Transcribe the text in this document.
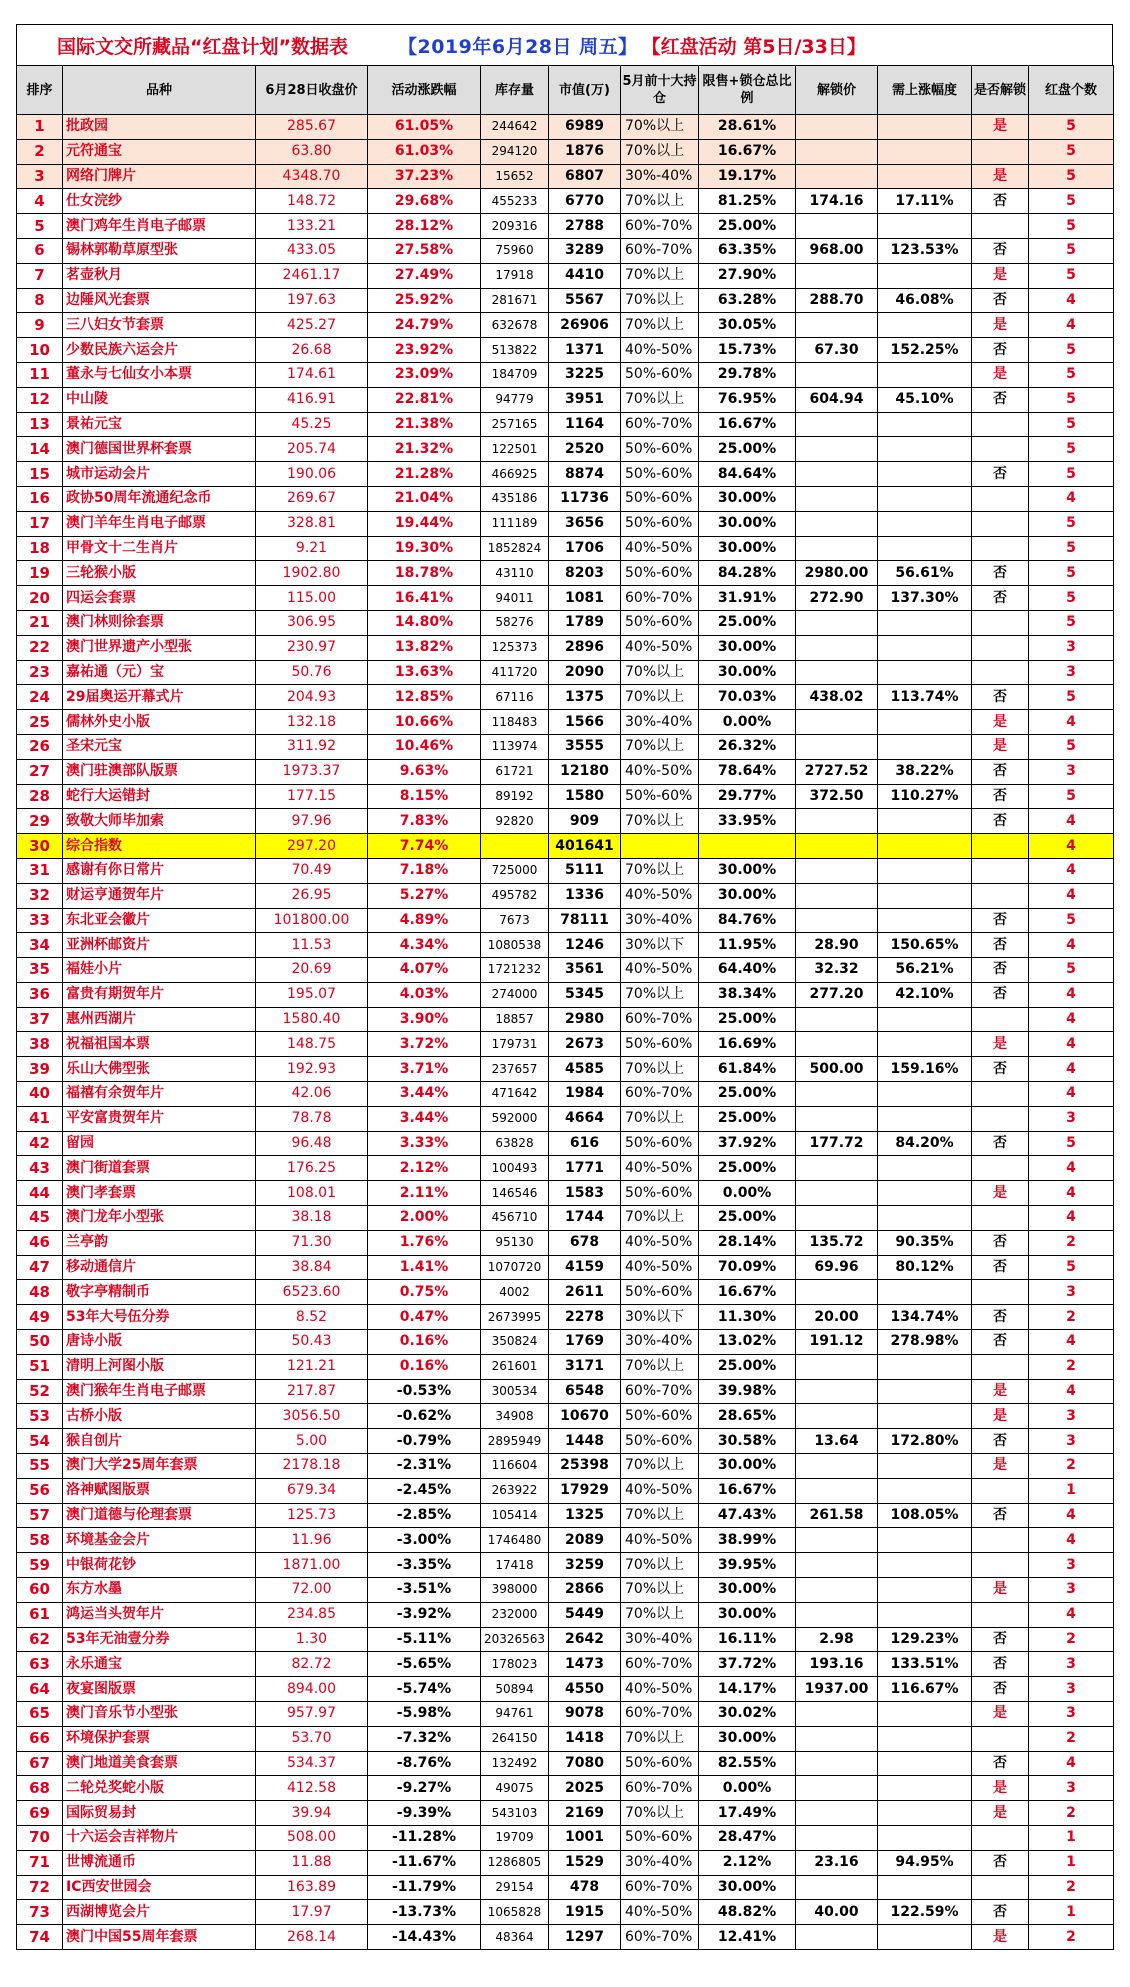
国际文交所藏品“红盘计划”数据表	【2019年6月28日 周五】 【红盘活动 第5日/33日】
排序	品种	6月28日收盘价	活动涨跌幅	库存量	市值(万)	5月前十大持仓	限售+锁仓总比例	解锁价	需上涨幅度	是否解锁	红盘个数
1	批政园	285.67	61.05%	244642	6989	70%以上	28.61%			是	5
2	元符通宝	63.80	61.03%	294120	1876	70%以上	16.67%				5
3	网络门牌片	4348.70	37.23%	15652	6807	30%-40%	19.17%			是	5
4	仕女浣纱	148.72	29.68%	455233	6770	70%以上	81.25%	174.16	17.11%	否	5
5	澳门鸡年生肖电子邮票	133.21	28.12%	209316	2788	60%-70%	25.00%				5
6	锡林郭勒草原型张	433.05	27.58%	75960	3289	60%-70%	63.35%	968.00	123.53%	否	5
7	茗壶秋月	2461.17	27.49%	17918	4410	70%以上	27.90%			是	5
8	边陲风光套票	197.63	25.92%	281671	5567	70%以上	63.28%	288.70	46.08%	否	4
9	三八妇女节套票	425.27	24.79%	632678	26906	70%以上	30.05%			是	4
10	少数民族六运会片	26.68	23.92%	513822	1371	40%-50%	15.73%	67.30	152.25%	否	5
11	董永与七仙女小本票	174.61	23.09%	184709	3225	50%-60%	29.78%			是	5
12	中山陵	416.91	22.81%	94779	3951	70%以上	76.95%	604.94	45.10%	否	5
13	景祐元宝	45.25	21.38%	257165	1164	60%-70%	16.67%				5
14	澳门德国世界杯套票	205.74	21.32%	122501	2520	50%-60%	25.00%				5
15	城市运动会片	190.06	21.28%	466925	8874	50%-60%	84.64%			否	5
16	政协50周年流通纪念币	269.67	21.04%	435186	11736	50%-60%	30.00%				4
17	澳门羊年生肖电子邮票	328.81	19.44%	111189	3656	50%-60%	30.00%				5
18	甲骨文十二生肖片	9.21	19.30%	1852824	1706	40%-50%	30.00%				5
19	三轮猴小版	1902.80	18.78%	43110	8203	50%-60%	84.28%	2980.00	56.61%	否	5
20	四运会套票	115.00	16.41%	94011	1081	60%-70%	31.91%	272.90	137.30%	否	5
21	澳门林则徐套票	306.95	14.80%	58276	1789	50%-60%	25.00%				5
22	澳门世界遗产小型张	230.97	13.82%	125373	2896	40%-50%	30.00%				3
23	嘉祐通（元）宝	50.76	13.63%	411720	2090	70%以上	30.00%				3
24	29届奥运开幕式片	204.93	12.85%	67116	1375	70%以上	70.03%	438.02	113.74%	否	5
25	儒林外史小版	132.18	10.66%	118483	1566	30%-40%	0.00%			是	4
26	圣宋元宝	311.92	10.46%	113974	3555	70%以上	26.32%			是	5
27	澳门驻澳部队版票	1973.37	9.63%	61721	12180	40%-50%	78.64%	2727.52	38.22%	否	3
28	蛇行大运错封	177.15	8.15%	89192	1580	50%-60%	29.77%	372.50	110.27%	否	5
29	致敬大师毕加索	97.96	7.83%	92820	909	70%以上	33.95%			否	4
30	综合指数	297.20	7.74%		401641						4
31	感谢有你日常片	70.49	7.18%	725000	5111	70%以上	30.00%				4
32	财运亨通贺年片	26.95	5.27%	495782	1336	40%-50%	30.00%				4
33	东北亚会徽片	101800.00	4.89%	7673	78111	30%-40%	84.76%			否	5
34	亚洲杯邮资片	11.53	4.34%	1080538	1246	30%以下	11.95%	28.90	150.65%	否	4
35	福娃小片	20.69	4.07%	1721232	3561	40%-50%	64.40%	32.32	56.21%	否	5
36	富贵有期贺年片	195.07	4.03%	274000	5345	70%以上	38.34%	277.20	42.10%	否	4
37	惠州西湖片	1580.40	3.90%	18857	2980	60%-70%	25.00%				4
38	祝福祖国本票	148.75	3.72%	179731	2673	50%-60%	16.69%			是	4
39	乐山大佛型张	192.93	3.71%	237657	4585	70%以上	61.84%	500.00	159.16%	否	4
40	福禧有余贺年片	42.06	3.44%	471642	1984	60%-70%	25.00%				4
41	平安富贵贺年片	78.78	3.44%	592000	4664	70%以上	25.00%				3
42	留园	96.48	3.33%	63828	616	50%-60%	37.92%	177.72	84.20%	否	5
43	澳门街道套票	176.25	2.12%	100493	1771	40%-50%	25.00%				4
44	澳门孝套票	108.01	2.11%	146546	1583	50%-60%	0.00%			是	4
45	澳门龙年小型张	38.18	2.00%	456710	1744	70%以上	25.00%				4
46	兰亭韵	71.30	1.76%	95130	678	40%-50%	28.14%	135.72	90.35%	否	2
47	移动通信片	38.84	1.41%	1070720	4159	40%-50%	70.09%	69.96	80.12%	否	5
48	敬字亭精制币	6523.60	0.75%	4002	2611	50%-60%	16.67%				3
49	53年大号伍分券	8.52	0.47%	2673995	2278	30%以下	11.30%	20.00	134.74%	否	2
50	唐诗小版	50.43	0.16%	350824	1769	30%-40%	13.02%	191.12	278.98%	否	4
51	清明上河图小版	121.21	0.16%	261601	3171	70%以上	25.00%				2
52	澳门猴年生肖电子邮票	217.87	-0.53%	300534	6548	60%-70%	39.98%			是	4
53	古桥小版	3056.50	-0.62%	34908	10670	50%-60%	28.65%			是	3
54	猴自创片	5.00	-0.79%	2895949	1448	50%-60%	30.58%	13.64	172.80%	否	3
55	澳门大学25周年套票	2178.18	-2.31%	116604	25398	70%以上	30.00%			是	2
56	洛神赋图版票	679.34	-2.45%	263922	17929	40%-50%	16.67%				1
57	澳门道德与伦理套票	125.73	-2.85%	105414	1325	70%以上	47.43%	261.58	108.05%	否	4
58	环境基金会片	11.96	-3.00%	1746480	2089	40%-50%	38.99%				4
59	中银荷花钞	1871.00	-3.35%	17418	3259	70%以上	39.95%				3
60	东方水墨	72.00	-3.51%	398000	2866	70%以上	30.00%			是	3
61	鸿运当头贺年片	234.85	-3.92%	232000	5449	70%以上	30.00%				4
62	53年无油壹分券	1.30	-5.11%	20326563	2642	30%-40%	16.11%	2.98	129.23%	否	2
63	永乐通宝	82.72	-5.65%	178023	1473	60%-70%	37.72%	193.16	133.51%	否	3
64	夜宴图版票	894.00	-5.74%	50894	4550	40%-50%	14.17%	1937.00	116.67%	否	3
65	澳门音乐节小型张	957.97	-5.98%	94761	9078	60%-70%	30.02%			是	3
66	环境保护套票	53.70	-7.32%	264150	1418	70%以上	30.00%				2
67	澳门地道美食套票	534.37	-8.76%	132492	7080	50%-60%	82.55%			否	4
68	二轮兑奖蛇小版	412.58	-9.27%	49075	2025	60%-70%	0.00%			是	3
69	国际贸易封	39.94	-9.39%	543103	2169	70%以上	17.49%			是	2
70	十六运会吉祥物片	508.00	-11.28%	19709	1001	50%-60%	28.47%				1
71	世博流通币	11.88	-11.67%	1286805	1529	30%-40%	2.12%	23.16	94.95%	否	1
72	IC西安世园会	163.89	-11.79%	29154	478	60%-70%	30.00%				2
73	西湖博览会片	17.97	-13.73%	1065828	1915	40%-50%	48.82%	40.00	122.59%	否	1
74	澳门中国55周年套票	268.14	-14.43%	48364	1297	60%-70%	12.41%			是	2
